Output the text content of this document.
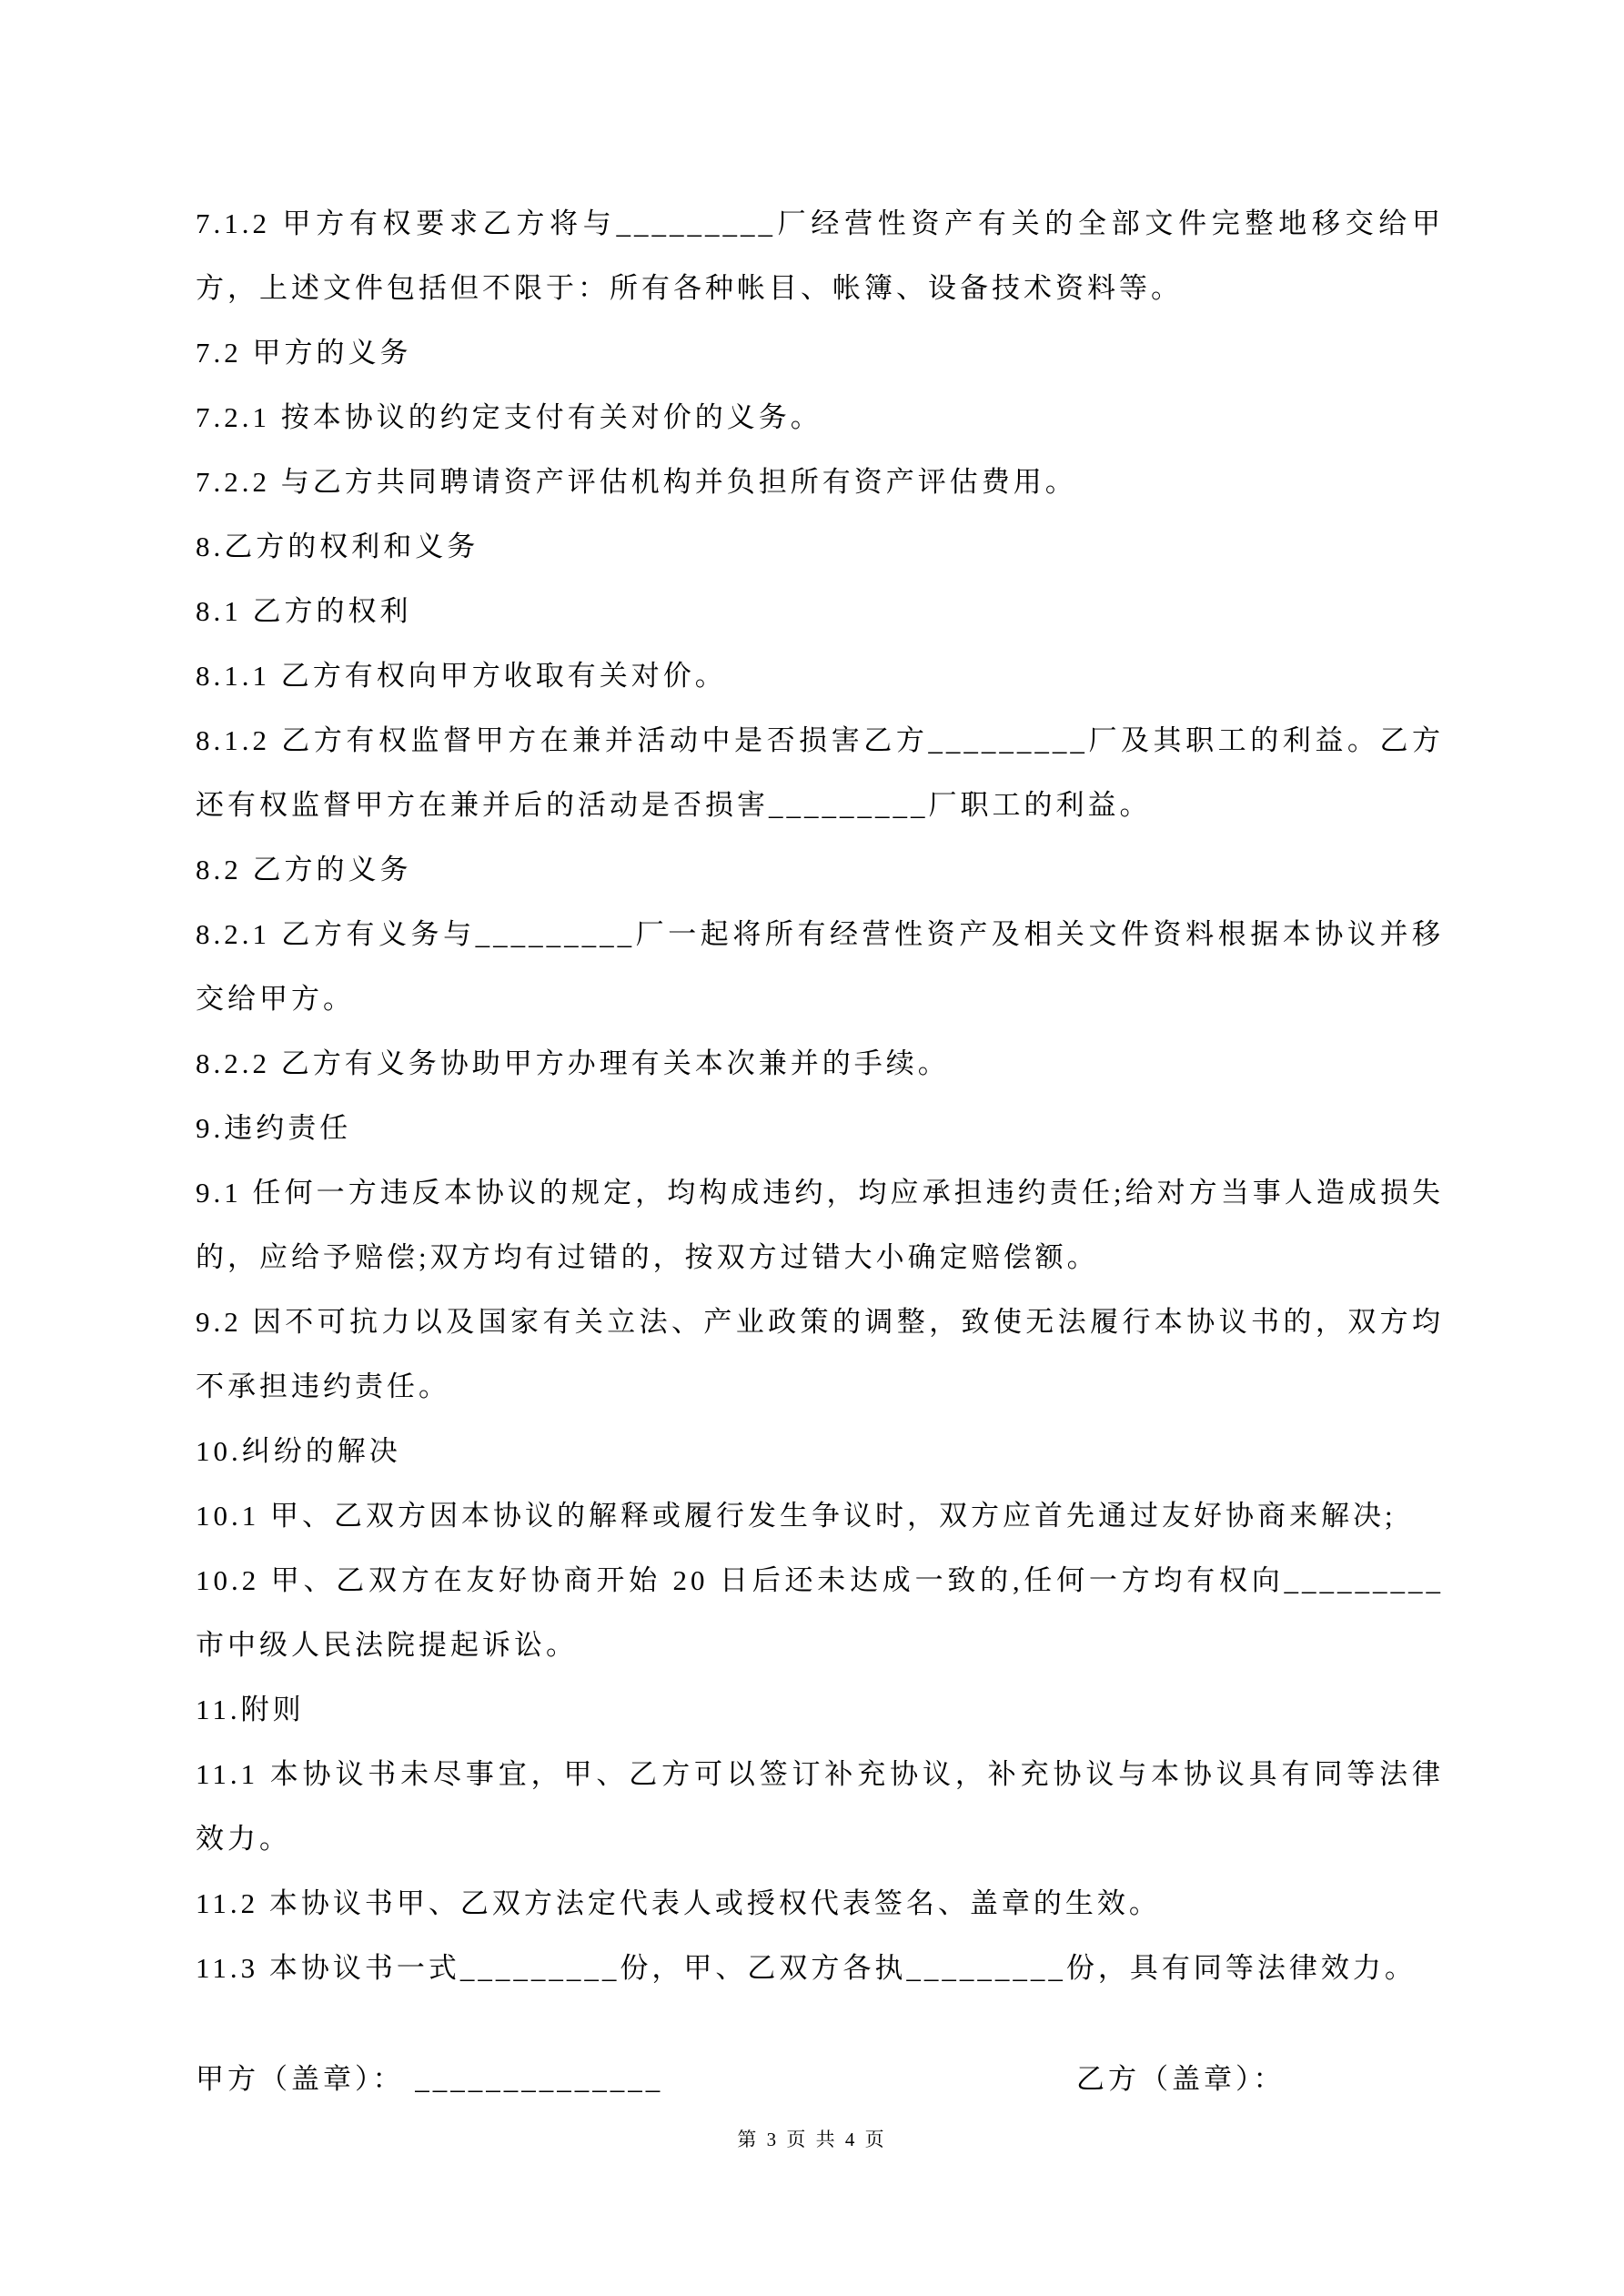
7.1.2 甲方有权要求乙方将与_________厂经营性资产有关的全部文件完整地移交给甲方，上述文件包括但不限于：所有各种帐目、帐簿、设备技术资料等。

7.2 甲方的义务

7.2.1 按本协议的约定支付有关对价的义务。

7.2.2 与乙方共同聘请资产评估机构并负担所有资产评估费用。

8.乙方的权利和义务

8.1 乙方的权利

8.1.1 乙方有权向甲方收取有关对价。

8.1.2 乙方有权监督甲方在兼并活动中是否损害乙方_________厂及其职工的利益。乙方还有权监督甲方在兼并后的活动是否损害_________厂职工的利益。

8.2 乙方的义务

8.2.1 乙方有义务与_________厂一起将所有经营性资产及相关文件资料根据本协议并移交给甲方。

8.2.2 乙方有义务协助甲方办理有关本次兼并的手续。

9.违约责任

9.1 任何一方违反本协议的规定，均构成违约，均应承担违约责任;给对方当事人造成损失的，应给予赔偿;双方均有过错的，按双方过错大小确定赔偿额。

9.2 因不可抗力以及国家有关立法、产业政策的调整，致使无法履行本协议书的，双方均不承担违约责任。

10.纠纷的解决

10.1 甲、乙双方因本协议的解释或履行发生争议时，双方应首先通过友好协商来解决;

10.2 甲、乙双方在友好协商开始 20 日后还未达成一致的,任何一方均有权向_________市中级人民法院提起诉讼。

11.附则

11.1 本协议书未尽事宜，甲、乙方可以签订补充协议，补充协议与本协议具有同等法律效力。

11.2 本协议书甲、乙双方法定代表人或授权代表签名、盖章的生效。

11.3 本协议书一式_________份，甲、乙双方各执_________份，具有同等法律效力。

甲方（盖章）： ______________	乙方（盖章）：
第 3 页 共 4 页
